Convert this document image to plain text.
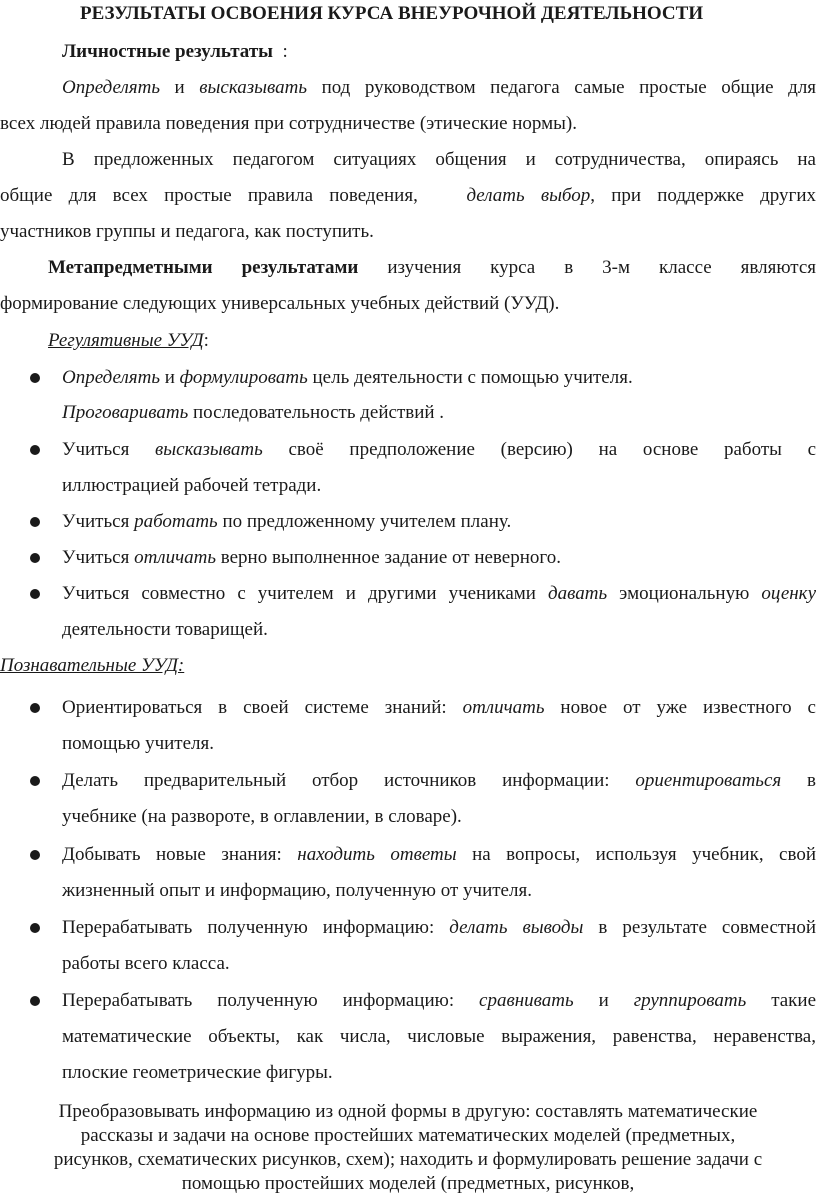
РЕЗУЛЬТАТЫ ОСВОЕНИЯ КУРСА ВНЕУРОЧНОЙ ДЕЯТЕЛЬНОСТИ
Личностные результаты :
Определять и высказывать под руководством педагога самые простые общие для
всех людей правила поведения при сотрудничестве (этические нормы).
В предложенных педагогом ситуациях общения и сотрудничества, опираясь на
общие для всех простые правила поведения,	делать выбор, при поддержке других
участников группы и педагога, как поступить.
Метапредметными результатами изучения курса в 3-м классе являются
формирование следующих универсальных учебных действий (УУД).
Регулятивные УУД:
Определять и формулировать цель деятельности с помощью учителя.
Проговаривать последовательность действий .
Учиться высказывать своё предположение (версию) на основе работы с
иллюстрацией рабочей тетради.
Учиться работать по предложенному учителем плану.
Учиться отличать верно выполненное задание от неверного.
Учиться совместно с учителем и другими учениками давать эмоциональную оценку
деятельности товарищей.
Познавательные УУД:
Ориентироваться в своей системе знаний: отличать новое от уже известного с
помощью учителя.
Делать предварительный отбор источников информации: ориентироваться в
учебнике (на развороте, в оглавлении, в словаре).
Добывать новые знания: находить ответы на вопросы, используя учебник, свой
жизненный опыт и информацию, полученную от учителя.
Перерабатывать полученную информацию: делать выводы в результате совместной
работы всего класса.
Перерабатывать полученную информацию: сравнивать и группировать такие
математические объекты, как числа, числовые выражения, равенства, неравенства,
плоские геометрические фигуры.
Преобразовывать информацию из одной формы в другую: составлять математические
рассказы и задачи на основе простейших математических моделей (предметных,
рисунков, схематических рисунков, схем); находить и формулировать решение задачи с
помощью простейших моделей (предметных, рисунков,
